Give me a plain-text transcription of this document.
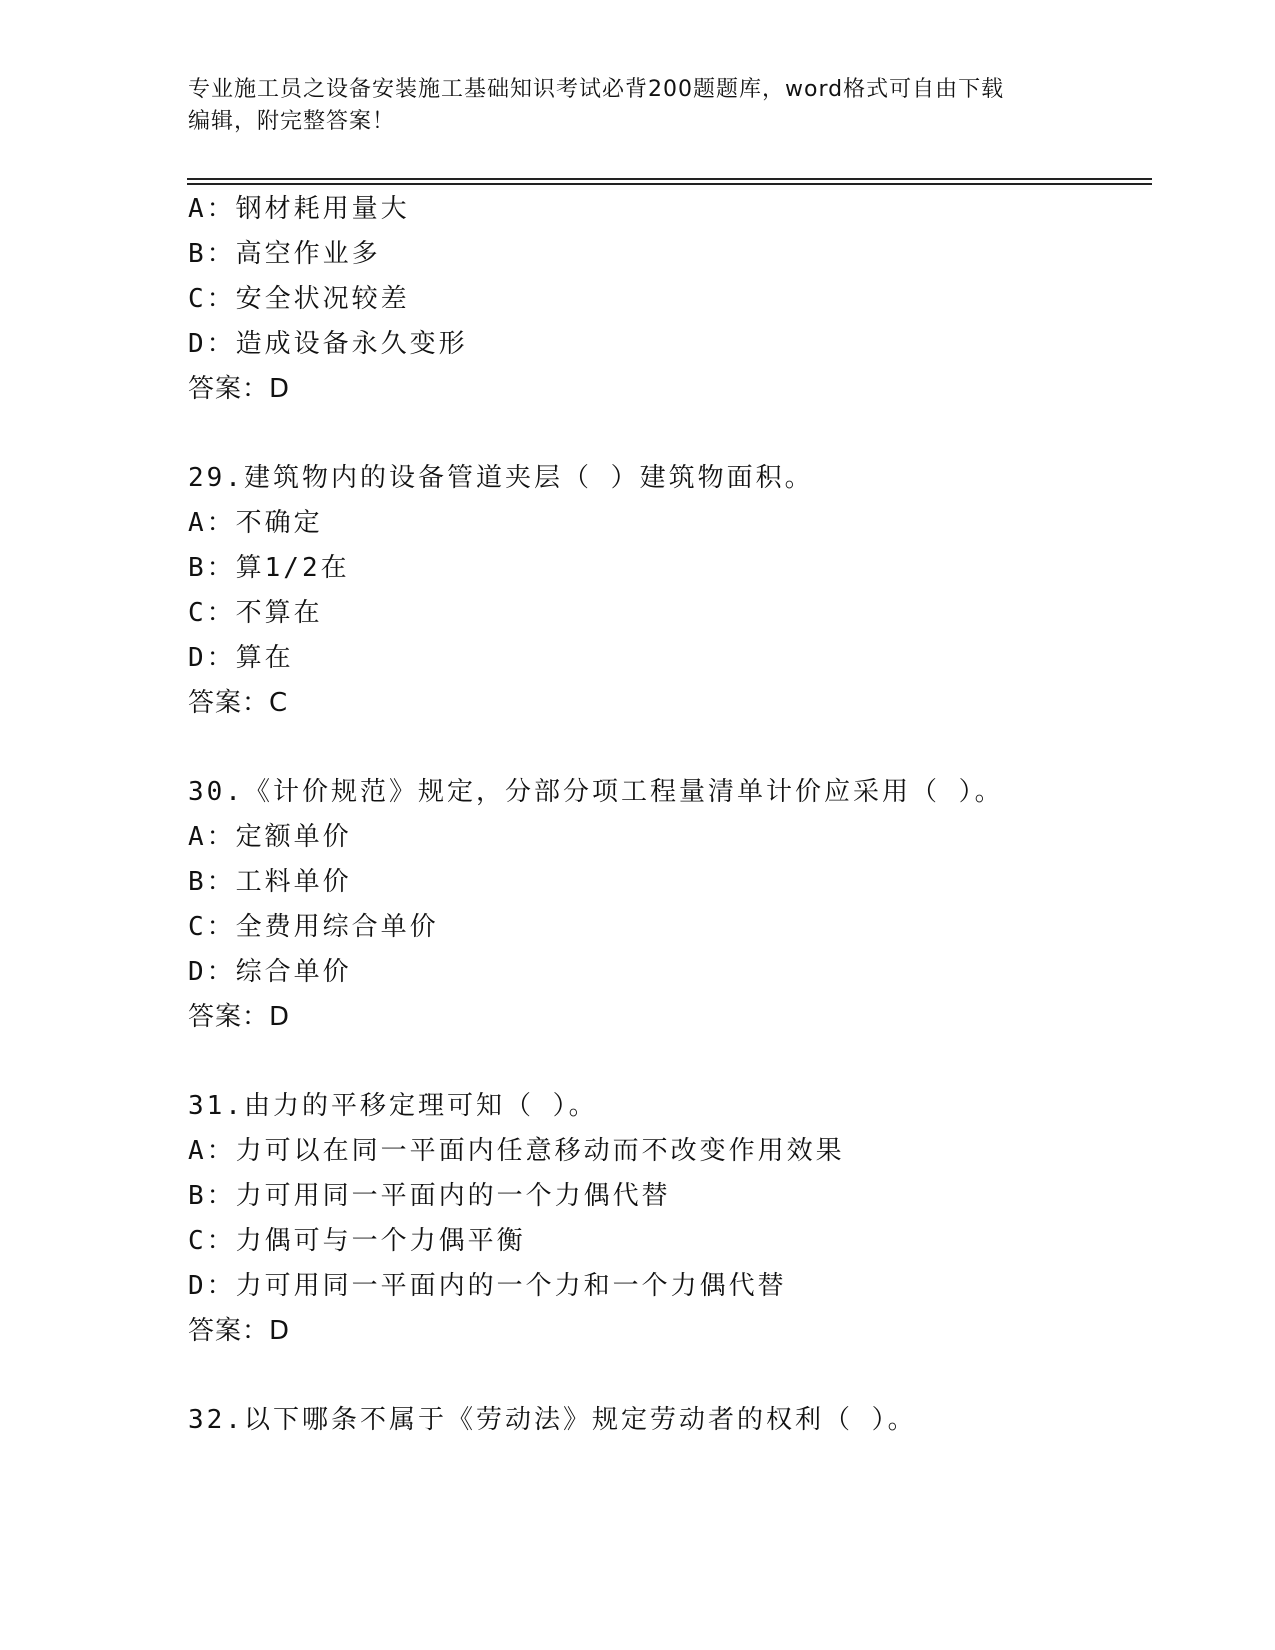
专业施工员之设备安装施工基础知识考试必背200题题库，word格式可自由下载
编辑，附完整答案！
A：钢材耗用量大
B：高空作业多
C：安全状况较差
D：造成设备永久变形
答案：D
29.建筑物内的设备管道夹层（ ）建筑物面积。
A：不确定
B：算1/2在
C：不算在
D：算在
答案：C
30.《计价规范》规定，分部分项工程量清单计价应采用（ ）。
A：定额单价
B：工料单价
C：全费用综合单价
D：综合单价
答案：D
31.由力的平移定理可知（ ）。
A：力可以在同一平面内任意移动而不改变作用效果
B：力可用同一平面内的一个力偶代替
C：力偶可与一个力偶平衡
D：力可用同一平面内的一个力和一个力偶代替
答案：D
32.以下哪条不属于《劳动法》规定劳动者的权利（ ）。
